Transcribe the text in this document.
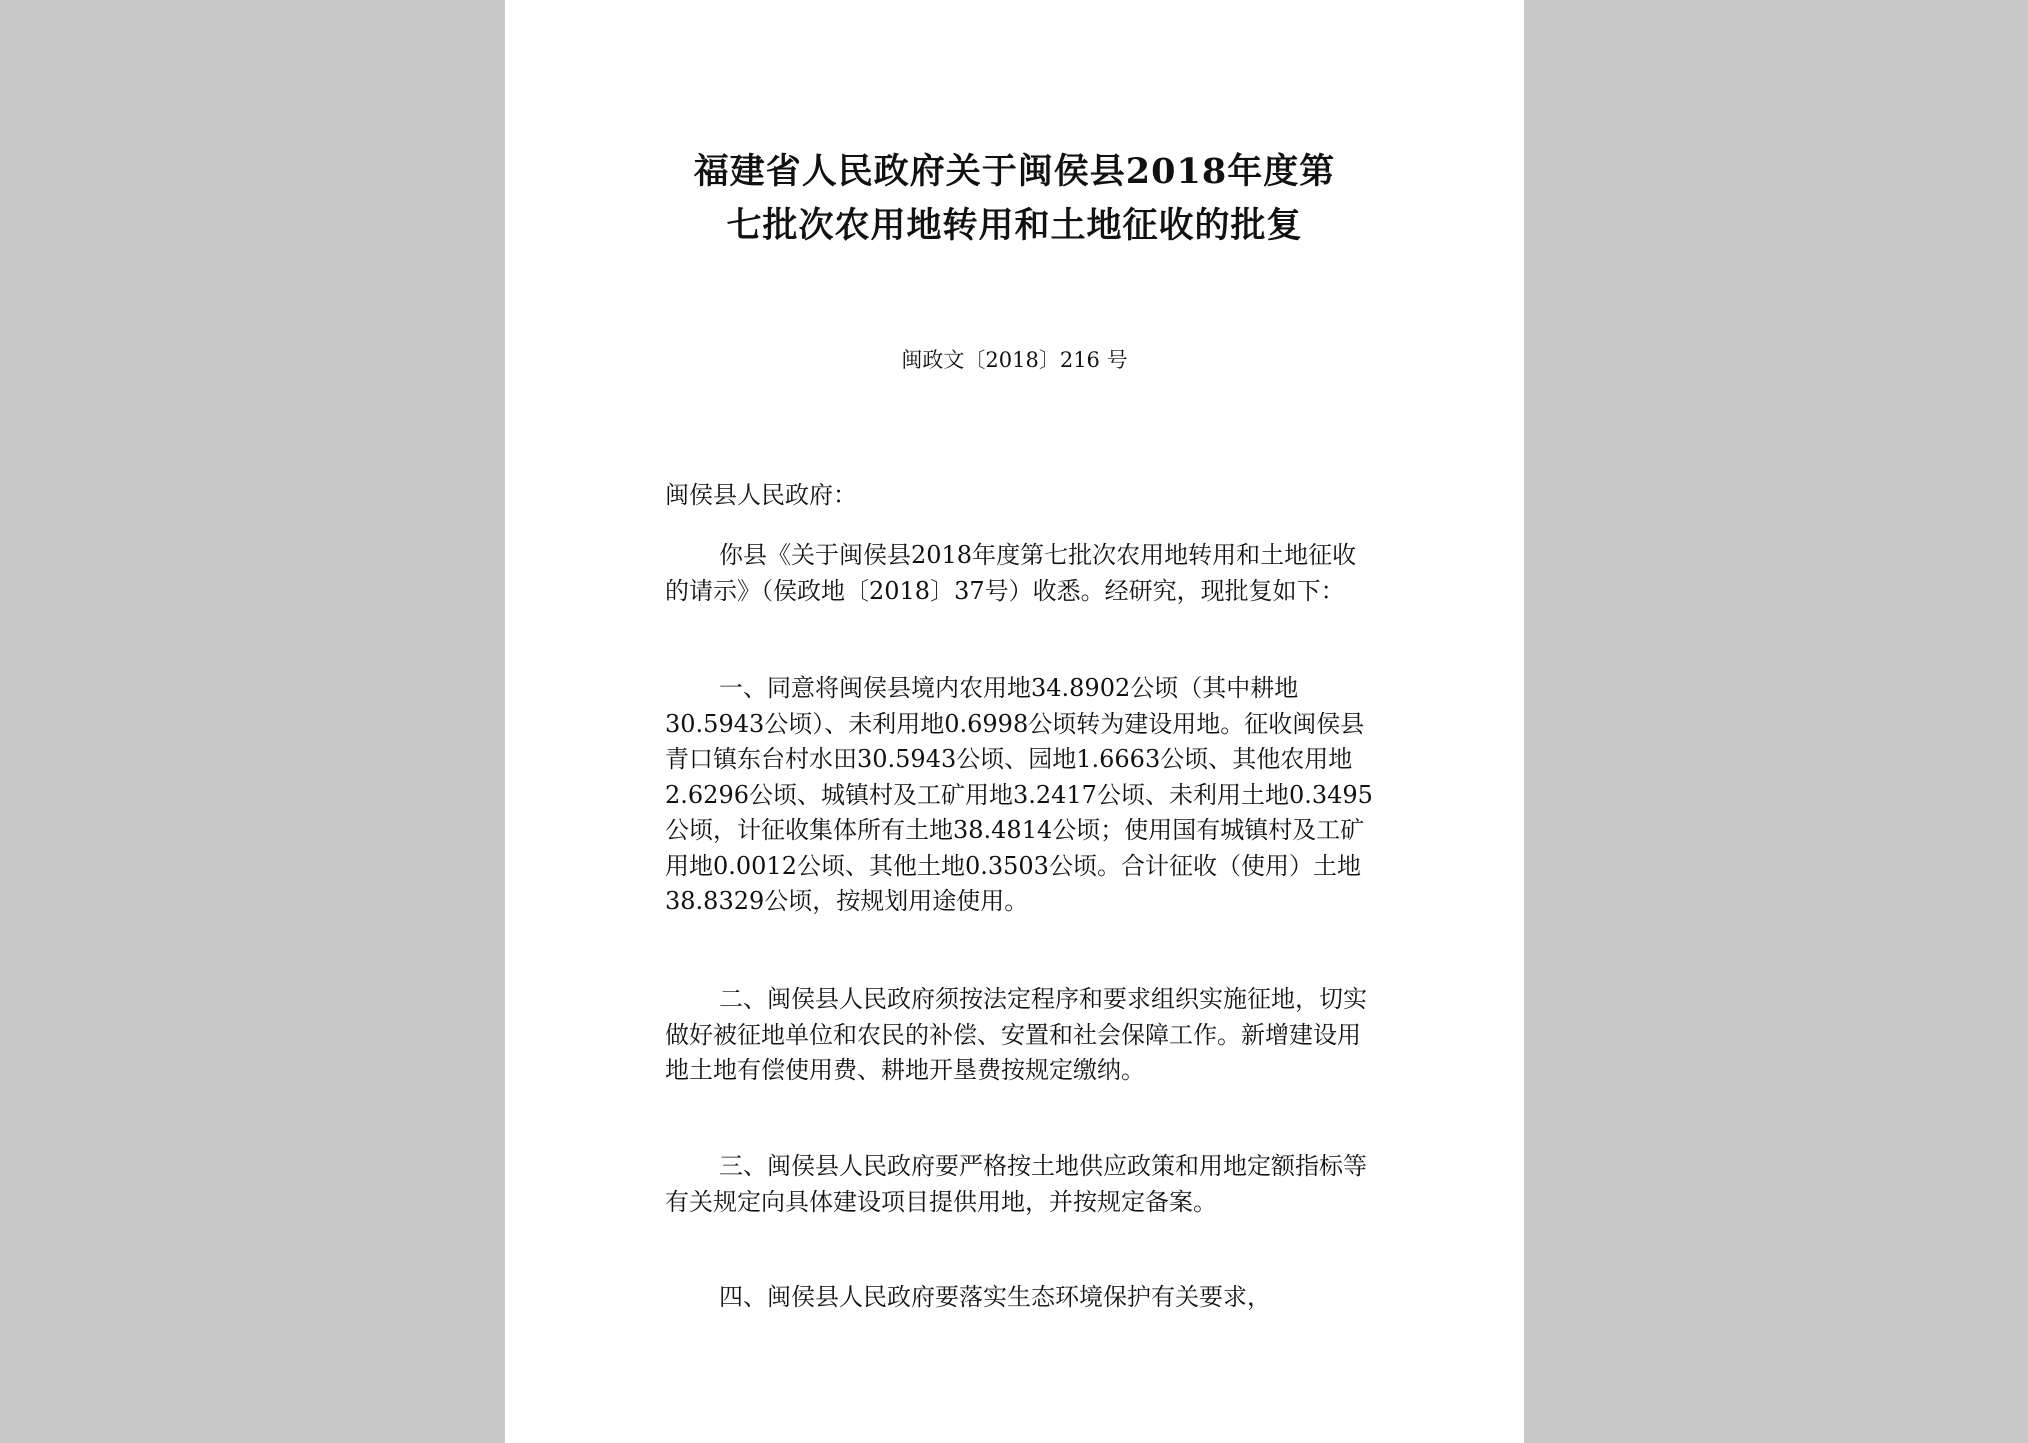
福建省人民政府关于闽侯县2018年度第
七批次农用地转用和土地征收的批复
闽政文〔2018〕216 号

闽侯县人民政府：

你县《关于闽侯县2018年度第七批次农用地转用和土地征收的请示》（侯政地〔2018〕37号）收悉。经研究，现批复如下：

一、同意将闽侯县境内农用地34.8902公顷（其中耕地30.5943公顷）、未利用地0.6998公顷转为建设用地。征收闽侯县青口镇东台村水田30.5943公顷、园地1.6663公顷、其他农用地2.6296公顷、城镇村及工矿用地3.2417公顷、未利用土地0.3495公顷，计征收集体所有土地38.4814公顷；使用国有城镇村及工矿用地0.0012公顷、其他土地0.3503公顷。合计征收（使用）土地38.8329公顷，按规划用途使用。

二、闽侯县人民政府须按法定程序和要求组织实施征地，切实做好被征地单位和农民的补偿、安置和社会保障工作。新增建设用地土地有偿使用费、耕地开垦费按规定缴纳。

三、闽侯县人民政府要严格按土地供应政策和用地定额指标等有关规定向具体建设项目提供用地，并按规定备案。

四、闽侯县人民政府要落实生态环境保护有关要求，
